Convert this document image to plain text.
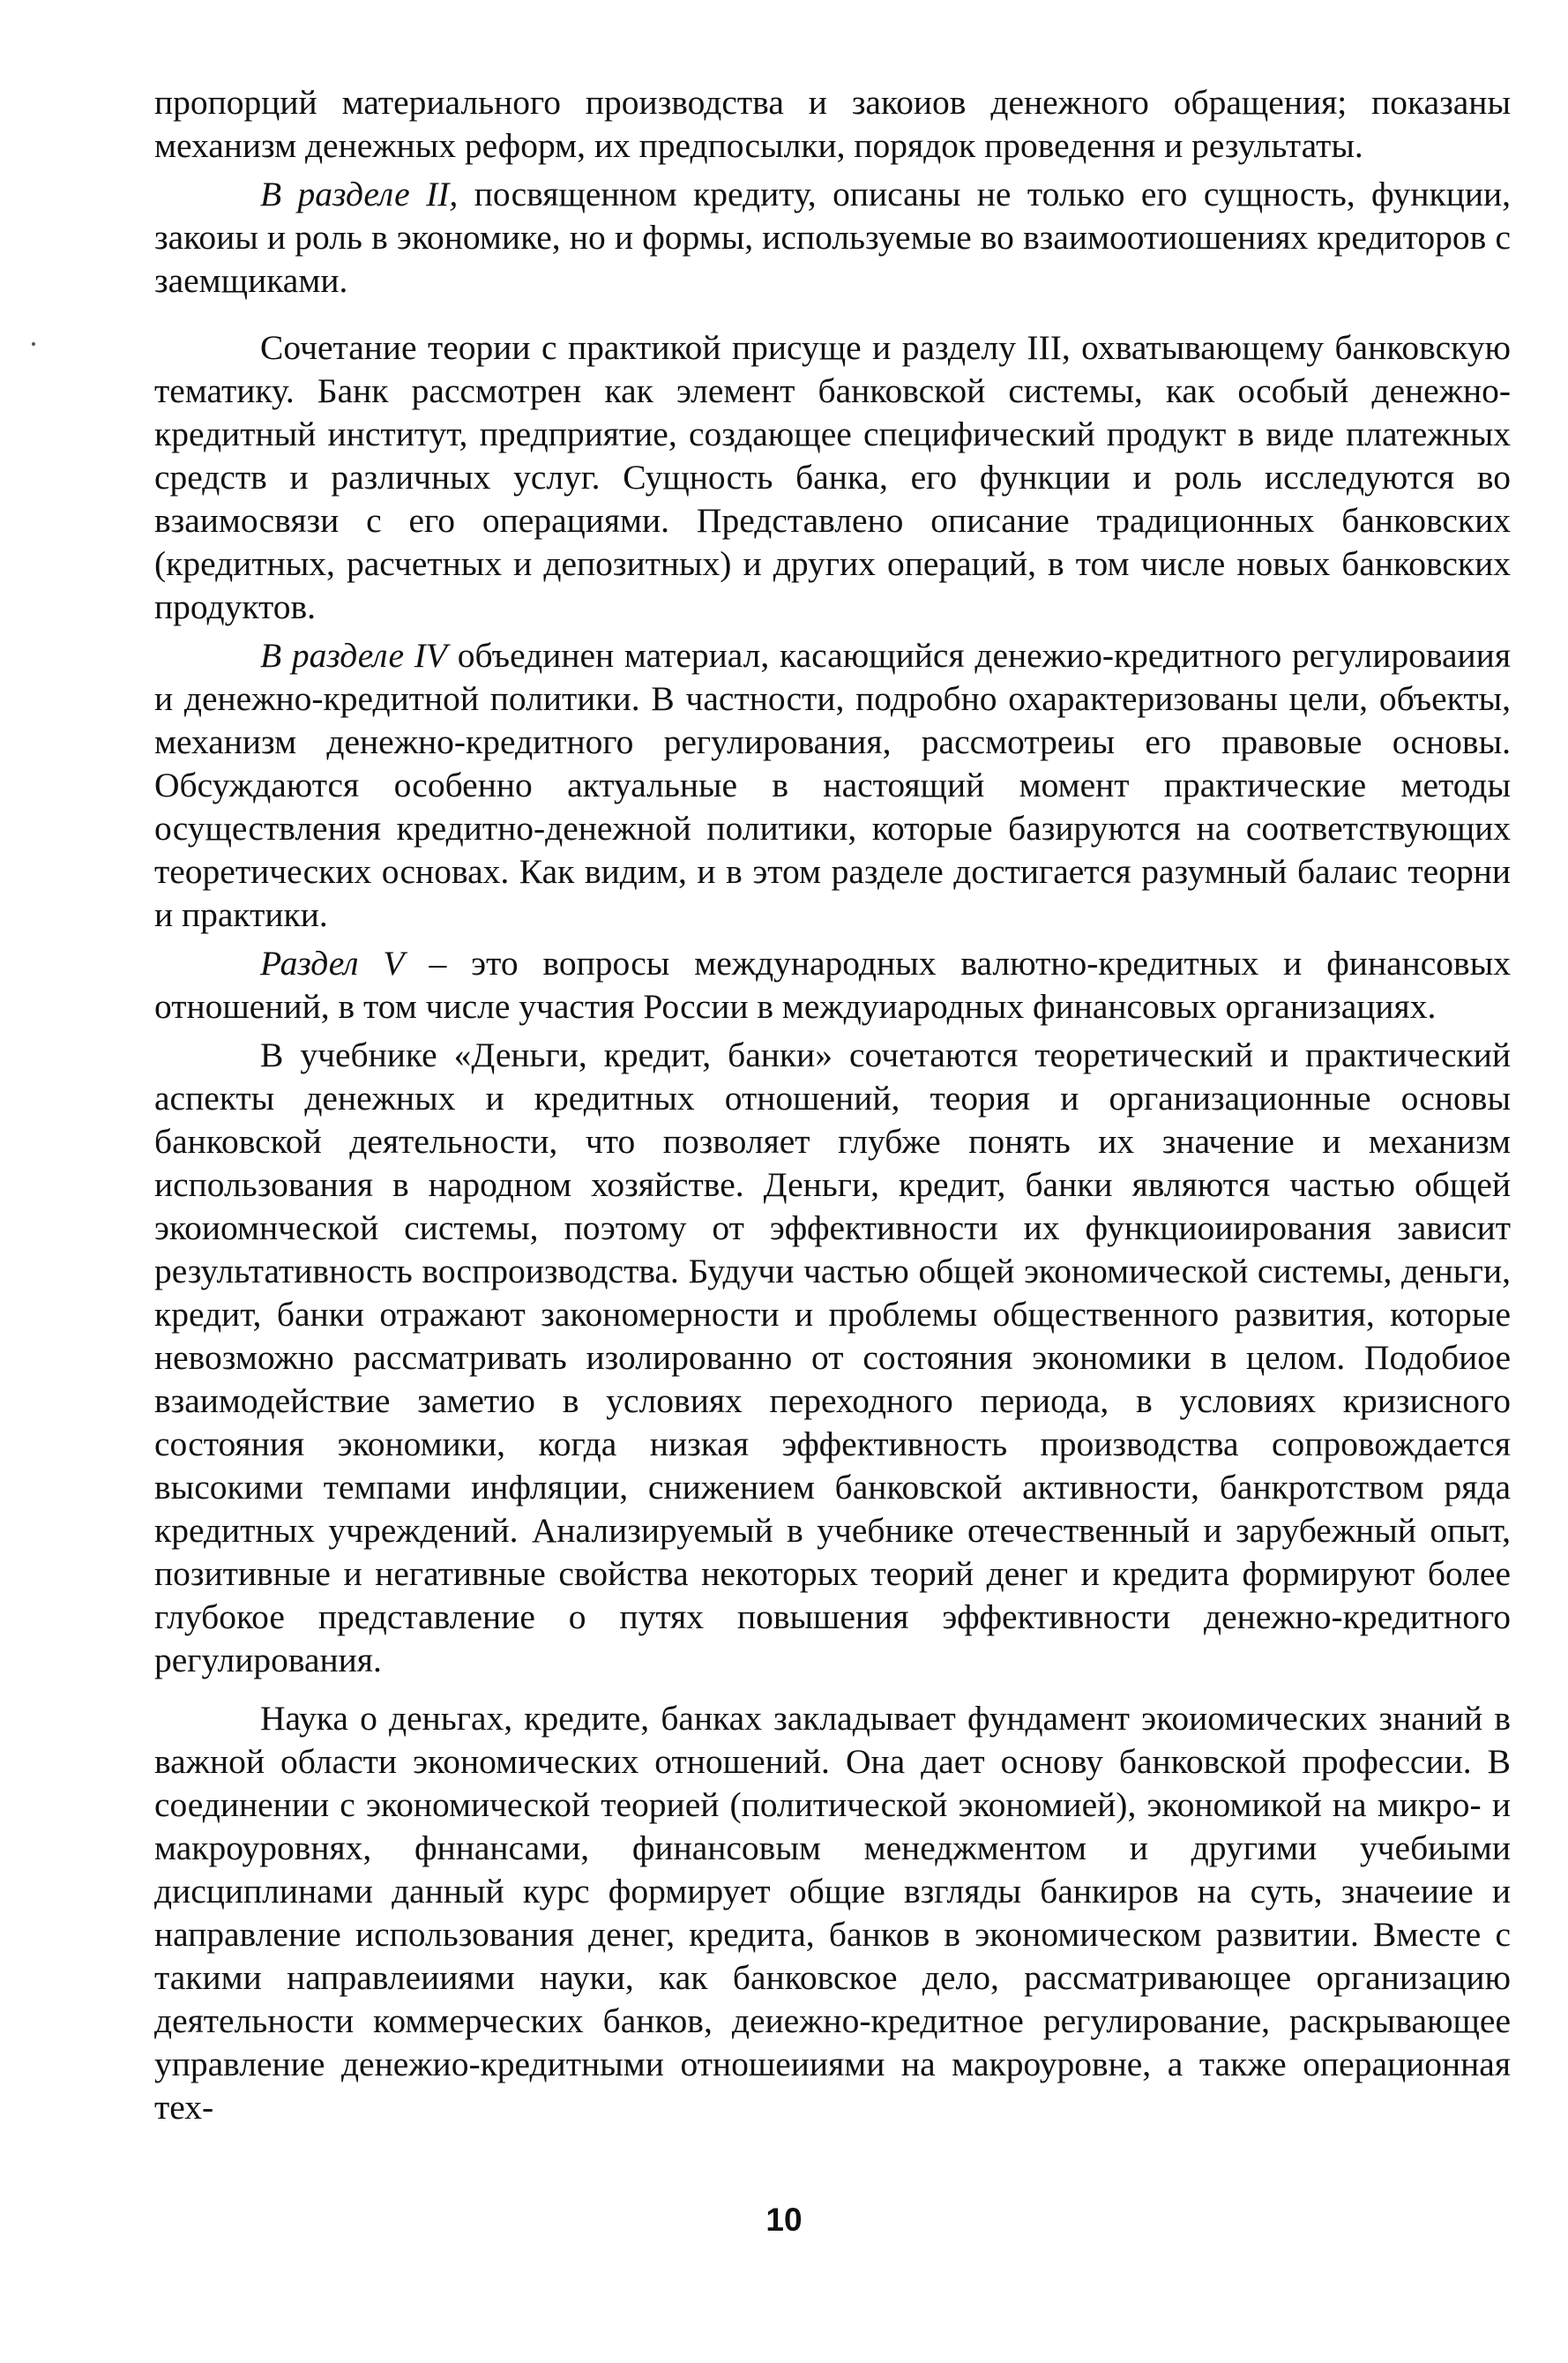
пропорций материального производства и закоиов денежного обращения; показаны механизм денежных реформ, их предпосылки, порядок проведення и результаты.

В разделе II, посвященном кредиту, описаны не только его сущность, функции, закоиы и роль в экономике, но и формы, используемые во взаимоотиошениях кредиторов с заемщиками.

Сочетание теории с практикой присуще и разделу III, охватывающему банковскую тематику. Банк рассмотрен как элемент банковской системы, как особый денежно-кредитный институт, предприятие, создающее специфический продукт в виде платежных средств и различных услуг. Сущность банка, его функции и роль исследуются во взаимосвязи с его операциями. Представлено описание традиционных банковских (кредитных, расчетных и депозитных) и других операций, в том числе новых банковских продуктов.

В разделе IV объединен материал, касающийся денежио-кредитного регулироваиия и денежно-кредитной политики. В частности, подробно охарактеризованы цели, объекты, механизм денежно-кредитного регулирования, рассмотреиы его правовые основы. Обсуждаются особенно актуальные в настоящий момент практические методы осуществления кредитно-денежной политики, которые базируются на соответствующих теоретических основах. Как видим, и в этом разделе достигается разумный балаис теорни и практики.

Раздел V – это вопросы международных валютно-кредитных и финансовых отношений, в том числе участия России в междуиародных финансовых организациях.

В учебнике «Деньги, кредит, банки» сочетаются теоретический и практический аспекты денежных и кредитных отношений, теория и организационные основы банковской деятельности, что позволяет глубже понять их значение и механизм использования в народном хозяйстве. Деньги, кредит, банки являются частью общей экоиомнческой системы, поэтому от эффективности их функциоиирования зависит результативность воспроизводства. Будучи частью общей экономической системы, деньги, кредит, банки отражают закономерности и проблемы общественного развития, которые невозможно рассматривать изолированно от состояния экономики в целом. Подобиое взаимодействие заметио в условиях переходного периода, в условиях кризисного состояния экономики, когда низкая эффективность производства сопровождается высокими темпами инфляции, снижением банковской активности, банкротством ряда кредитных учреждений. Анализируемый в учебнике отечественный и зарубежный опыт, позитивные и негативные свойства некоторых теорий денег и кредита формируют более глубокое представление о путях повышения эффективности денежно-кредитного регулирования.

Наука о деньгах, кредите, банках закладывает фундамент экоиомических знаний в важной области экономических отношений. Она дает основу банковской профессии. В соединении с экономической теорией (политической экономией), экономикой на микро- и макроуровнях, фннансами, финансовым менеджментом и другими учебиыми дисциплинами данный курс формирует общие взгляды банкиров на суть, значеиие и направление использования денег, кредита, банков в экономическом развитии. Вместе с такими направлеииями науки, как банковское дело, рассматривающее организацию деятельности коммерческих банков, деиежно-кредитное регулирование, раскрывающее управление денежио-кредитными отношеииями на макроуровне, а также операционная тех-

10
